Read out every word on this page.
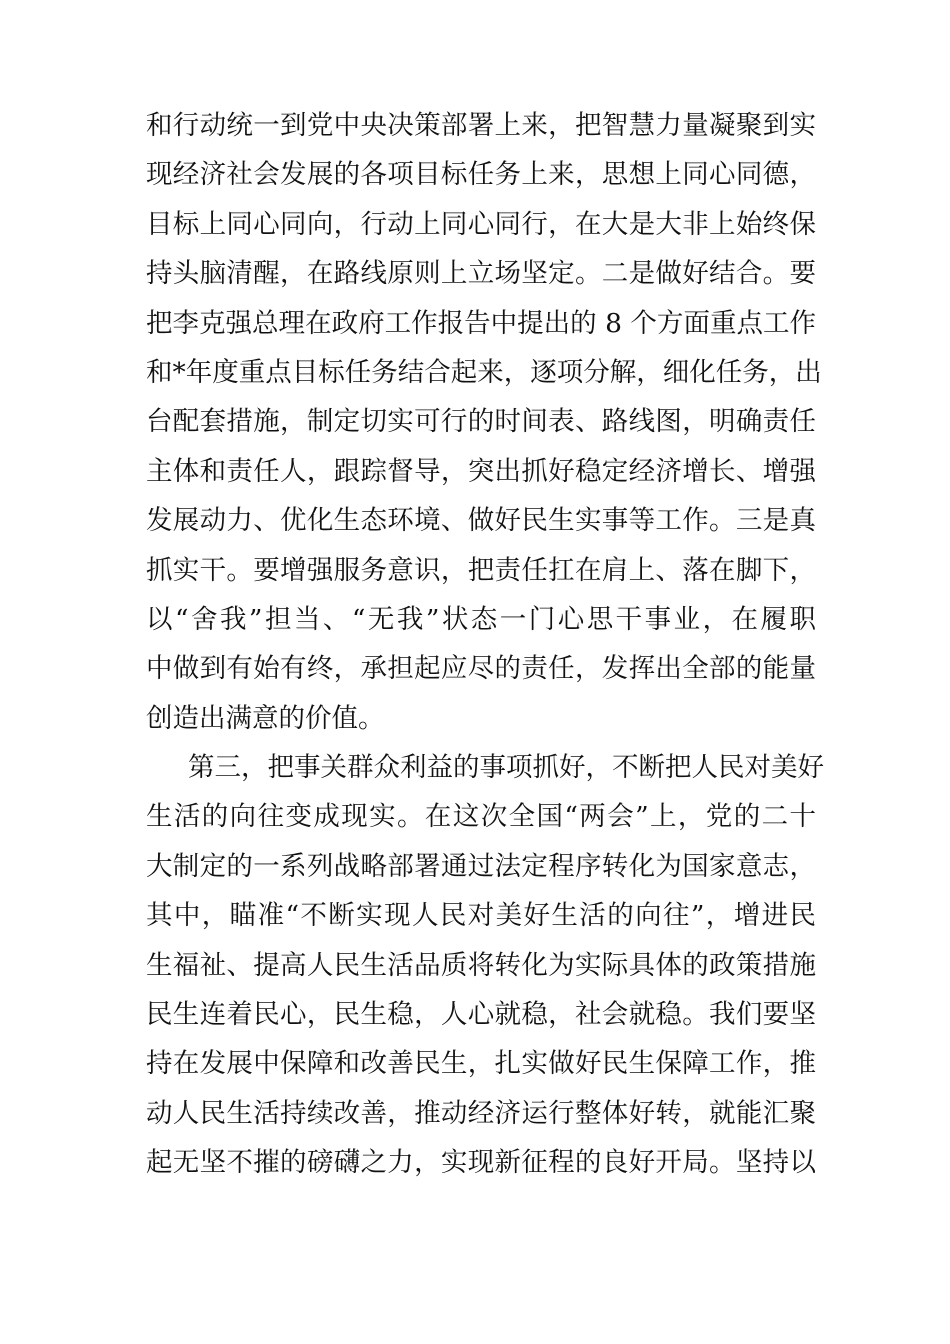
和行动统一到党中央决策部署上来，把智慧力量凝聚到实
现经济社会发展的各项目标任务上来，思想上同心同德，
目标上同心同向，行动上同心同行，在大是大非上始终保
持头脑清醒，在路线原则上立场坚定。二是做好结合。要
把李克强总理在政府工作报告中提出的 8 个方面重点工作
和*年度重点目标任务结合起来，逐项分解，细化任务，出
台配套措施，制定切实可行的时间表、路线图，明确责任
主体和责任人，跟踪督导，突出抓好稳定经济增长、增强
发展动力、优化生态环境、做好民生实事等工作。三是真
抓实干。要增强服务意识，把责任扛在肩上、落在脚下，
以“舍我”担当、“无我”状态一门心思干事业，在履职
中做到有始有终，承担起应尽的责任，发挥出全部的能量
创造出满意的价值。
第三，把事关群众利益的事项抓好，不断把人民对美好
生活的向往变成现实。在这次全国“两会”上，党的二十
大制定的一系列战略部署通过法定程序转化为国家意志，
其中，瞄准“不断实现人民对美好生活的向往”，增进民
生福祉、提高人民生活品质将转化为实际具体的政策措施
民生连着民心，民生稳，人心就稳，社会就稳。我们要坚
持在发展中保障和改善民生，扎实做好民生保障工作，推
动人民生活持续改善，推动经济运行整体好转，就能汇聚
起无坚不摧的磅礴之力，实现新征程的良好开局。坚持以
